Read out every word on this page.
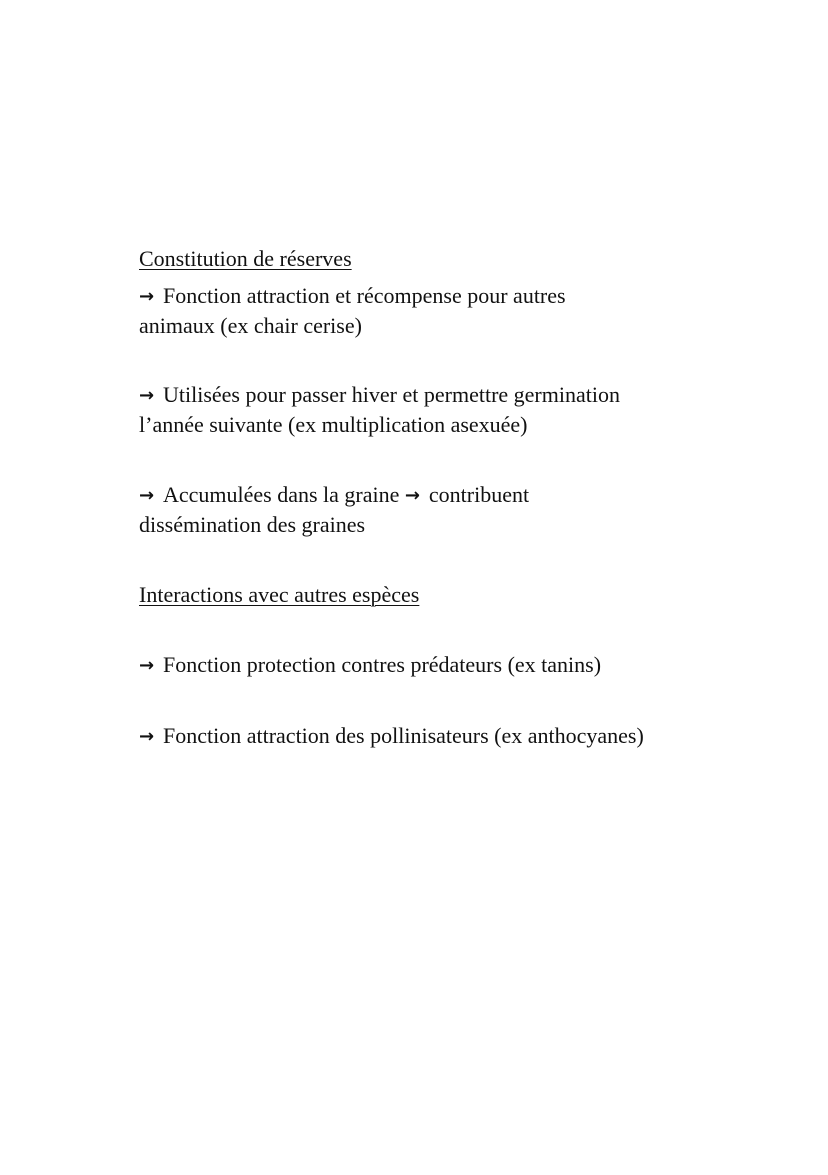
Constitution de réserves

→ Fonction attraction et récompense pour autres
animaux (ex chair cerise)

→ Utilisées pour passer hiver et permettre germination
l’année suivante (ex multiplication asexuée)

→ Accumulées dans la graine → contribuent
dissémination des graines

Interactions avec autres espèces

→ Fonction protection contres prédateurs (ex tanins)

→ Fonction attraction des pollinisateurs (ex anthocyanes)
